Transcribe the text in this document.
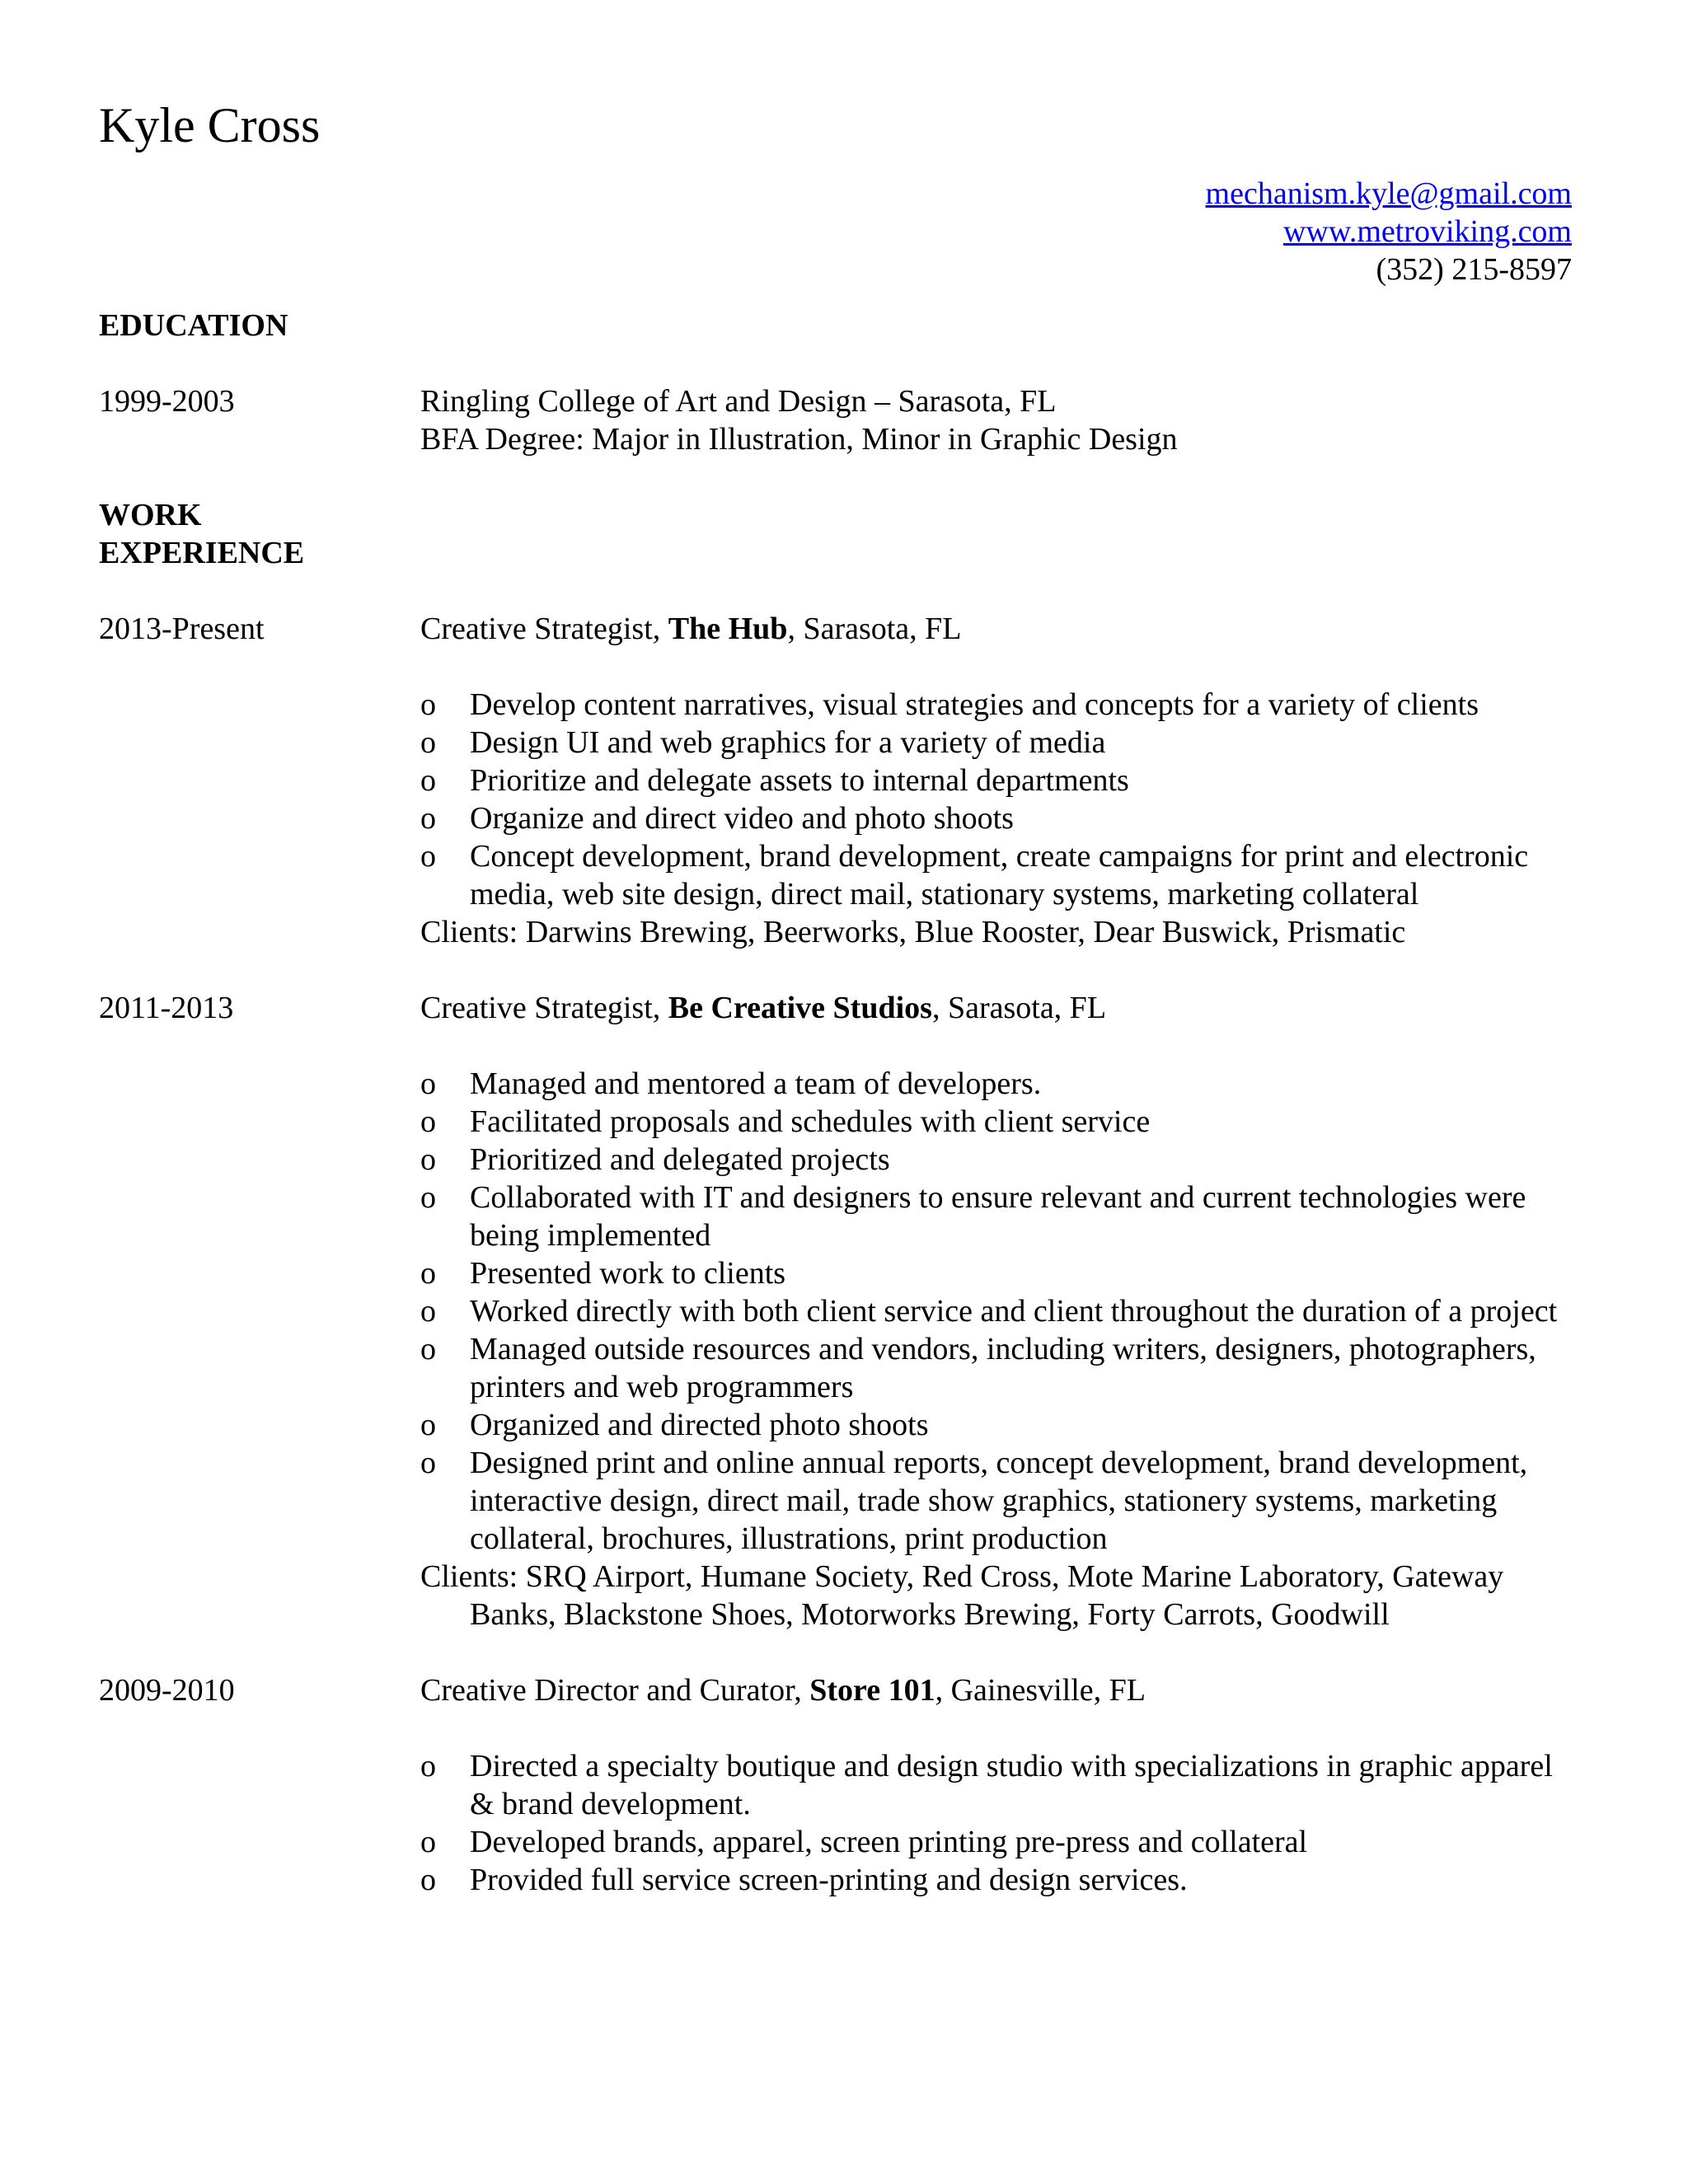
Kyle Cross
mechanism.kyle@gmail.com
www.metroviking.com
(352) 215-8597
EDUCATION
1999-2003	Ringling College of Art and Design – Sarasota, FL

BFA Degree: Major in Illustration, Minor in Graphic Design

WORK
EXPERIENCE
2013-Present	Creative Strategist, The Hub, Sarasota, FL

o Develop content narratives, visual strategies and concepts for a variety of clients
o Design UI and web graphics for a variety of media
o Prioritize and delegate assets to internal departments
o Organize and direct video and photo shoots
o Concept development, brand development, create campaigns for print and electronic media, web site design, direct mail, stationary systems, marketing collateral

Clients: Darwins Brewing, Beerworks, Blue Rooster, Dear Buswick, Prismatic

2011-2013	Creative Strategist, Be Creative Studios, Sarasota, FL

o Managed and mentored a team of developers.
o Facilitated proposals and schedules with client service
o Prioritized and delegated projects
o Collaborated with IT and designers to ensure relevant and current technologies were being implemented
o Presented work to clients
o Worked directly with both client service and client throughout the duration of a project
o Managed outside resources and vendors, including writers, designers, photographers, printers and web programmers
o Organized and directed photo shoots
o Designed print and online annual reports, concept development, brand development, interactive design, direct mail, trade show graphics, stationery systems, marketing collateral, brochures, illustrations, print production

Clients: SRQ Airport, Humane Society, Red Cross, Mote Marine Laboratory, Gateway Banks, Blackstone Shoes, Motorworks Brewing, Forty Carrots, Goodwill

2009-2010	Creative Director and Curator, Store 101, Gainesville, FL

o Directed a specialty boutique and design studio with specializations in graphic apparel & brand development.
o Developed brands, apparel, screen printing pre-press and collateral
o Provided full service screen-printing and design services.
